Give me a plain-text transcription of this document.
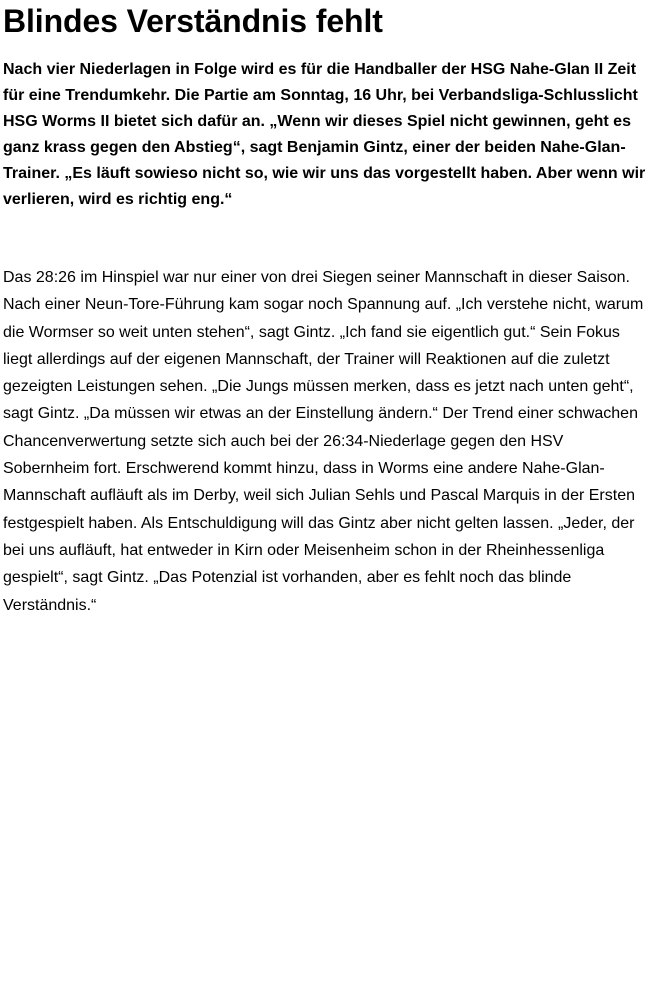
Blindes Verständnis fehlt

Nach vier Niederlagen in Folge wird es für die Handballer der HSG Nahe-Glan II Zeit für eine Trendumkehr. Die Partie am Sonntag, 16 Uhr, bei Verbandsliga-Schlusslicht HSG Worms II bietet sich dafür an. „Wenn wir dieses Spiel nicht gewinnen, geht es ganz krass gegen den Abstieg“, sagt Benjamin Gintz, einer der beiden Nahe-Glan-Trainer. „Es läuft sowieso nicht so, wie wir uns das vorgestellt haben. Aber wenn wir verlieren, wird es richtig eng.“

Das 28:26 im Hinspiel war nur einer von drei Siegen seiner Mannschaft in dieser Saison. Nach einer Neun-Tore-Führung kam sogar noch Spannung auf. „Ich verstehe nicht, warum die Wormser so weit unten stehen“, sagt Gintz. „Ich fand sie eigentlich gut.“ Sein Fokus liegt allerdings auf der eigenen Mannschaft, der Trainer will Reaktionen auf die zuletzt gezeigten Leistungen sehen. „Die Jungs müssen merken, dass es jetzt nach unten geht“, sagt Gintz. „Da müssen wir etwas an der Einstellung ändern.“ Der Trend einer schwachen Chancenverwertung setzte sich auch bei der 26:34-Niederlage gegen den HSV Sobernheim fort. Erschwerend kommt hinzu, dass in Worms eine andere Nahe-Glan-Mannschaft aufläuft als im Derby, weil sich Julian Sehls und Pascal Marquis in der Ersten festgespielt haben. Als Entschuldigung will das Gintz aber nicht gelten lassen. „Jeder, der bei uns aufläuft, hat entweder in Kirn oder Meisenheim schon in der Rheinhessenliga gespielt“, sagt Gintz. „Das Potenzial ist vorhanden, aber es fehlt noch das blinde Verständnis.“
